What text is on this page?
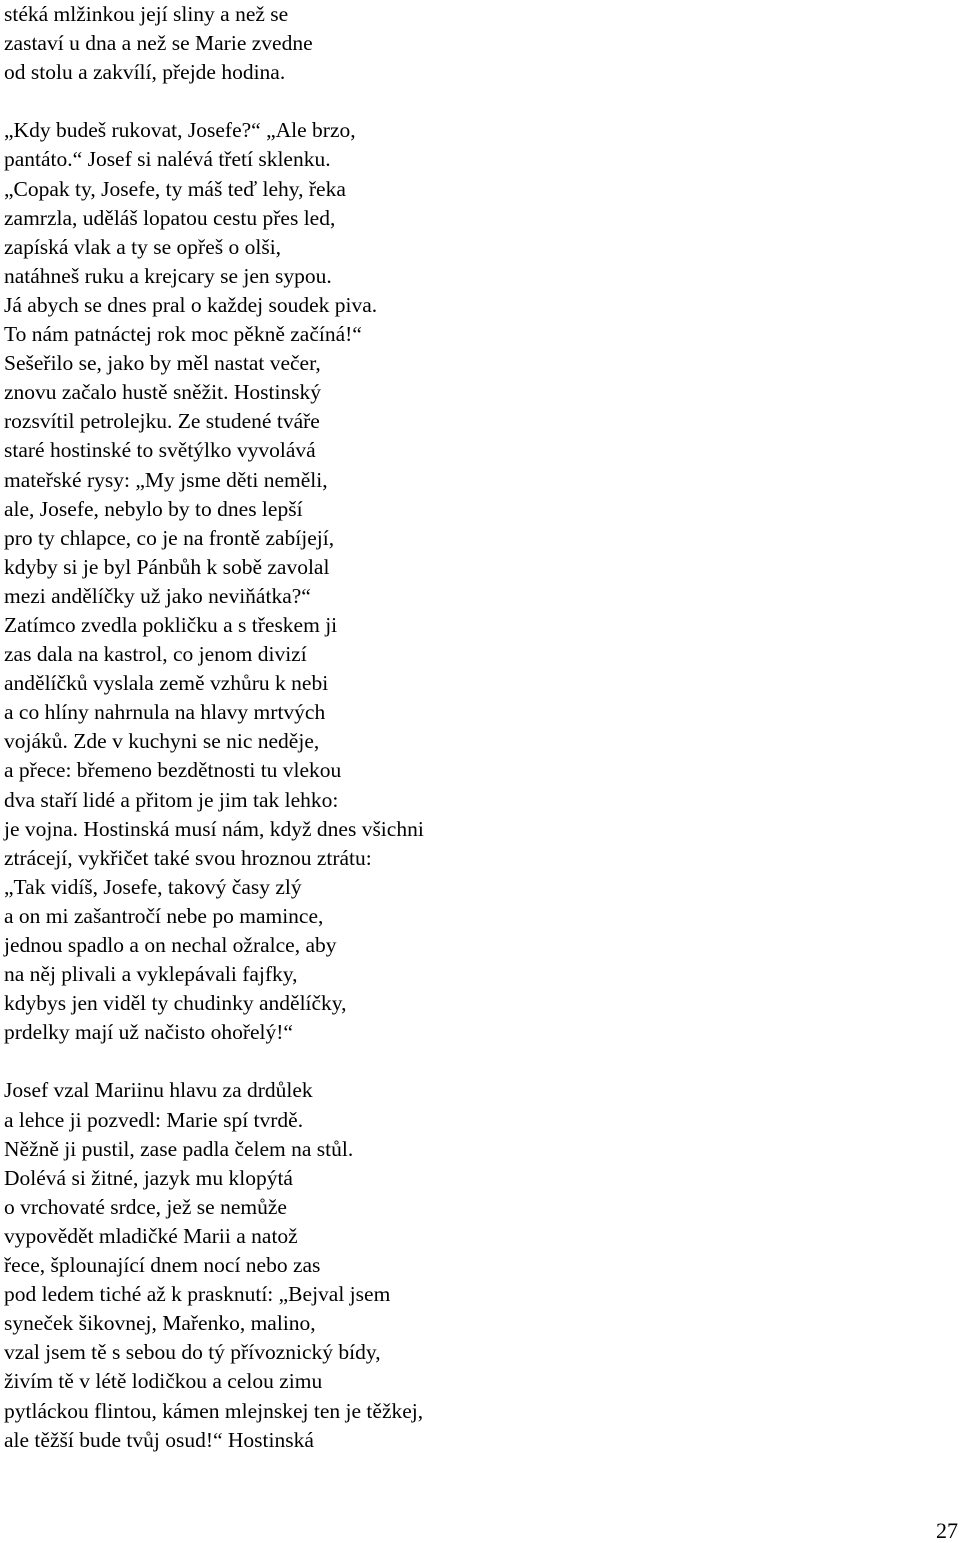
stéká mlžinkou její sliny a než se
zastaví u dna a než se Marie zvedne
od stolu a zakvílí, přejde hodina.
„Kdy budeš rukovat, Josefe?“ „Ale brzo,
pantáto.“ Josef si nalévá třetí sklenku.
„Copak ty, Josefe, ty máš teď lehy, řeka
zamrzla, uděláš lopatou cestu přes led,
zapíská vlak a ty se opřeš o olši,
natáhneš ruku a krejcary se jen sypou.
Já abych se dnes pral o každej soudek piva.
To nám patnáctej rok moc pěkně začíná!“
Sešeřilo se, jako by měl nastat večer,
znovu začalo hustě sněžit. Hostinský
rozsvítil petrolejku. Ze studené tváře
staré hostinské to světýlko vyvolává
mateřské rysy: „My jsme děti neměli,
ale, Josefe, nebylo by to dnes lepší
pro ty chlapce, co je na frontě zabíjejí,
kdyby si je byl Pánbůh k sobě zavolal
mezi andělíčky už jako neviňátka?“
Zatímco zvedla pokličku a s třeskem ji
zas dala na kastrol, co jenom divizí
andělíčků vyslala země vzhůru k nebi
a co hlíny nahrnula na hlavy mrtvých
vojáků. Zde v kuchyni se nic neděje,
a přece: břemeno bezdětnosti tu vlekou
dva staří lidé a přitom je jim tak lehko:
je vojna. Hostinská musí nám, když dnes všichni
ztrácejí, vykřičet také svou hroznou ztrátu:
„Tak vidíš, Josefe, takový časy zlý
a on mi zašantročí nebe po mamince,
jednou spadlo a on nechal ožralce, aby
na něj plivali a vyklepávali fajfky,
kdybys jen viděl ty chudinky andělíčky,
prdelky mají už načisto ohořelý!“
Josef vzal Mariinu hlavu za drdůlek
a lehce ji pozvedl: Marie spí tvrdě.
Něžně ji pustil, zase padla čelem na stůl.
Dolévá si žitné, jazyk mu klopýtá
o vrchovaté srdce, jež se nemůže
vypovědět mladičké Marii a natož
řece, šplounající dnem nocí nebo zas
pod ledem tiché až k prasknutí: „Bejval jsem
syneček šikovnej, Mařenko, malino,
vzal jsem tě s sebou do tý přívoznický bídy,
živím tě v létě lodičkou a celou zimu
pytláckou flintou, kámen mlejnskej ten je těžkej,
ale těžší bude tvůj osud!“ Hostinská
27
